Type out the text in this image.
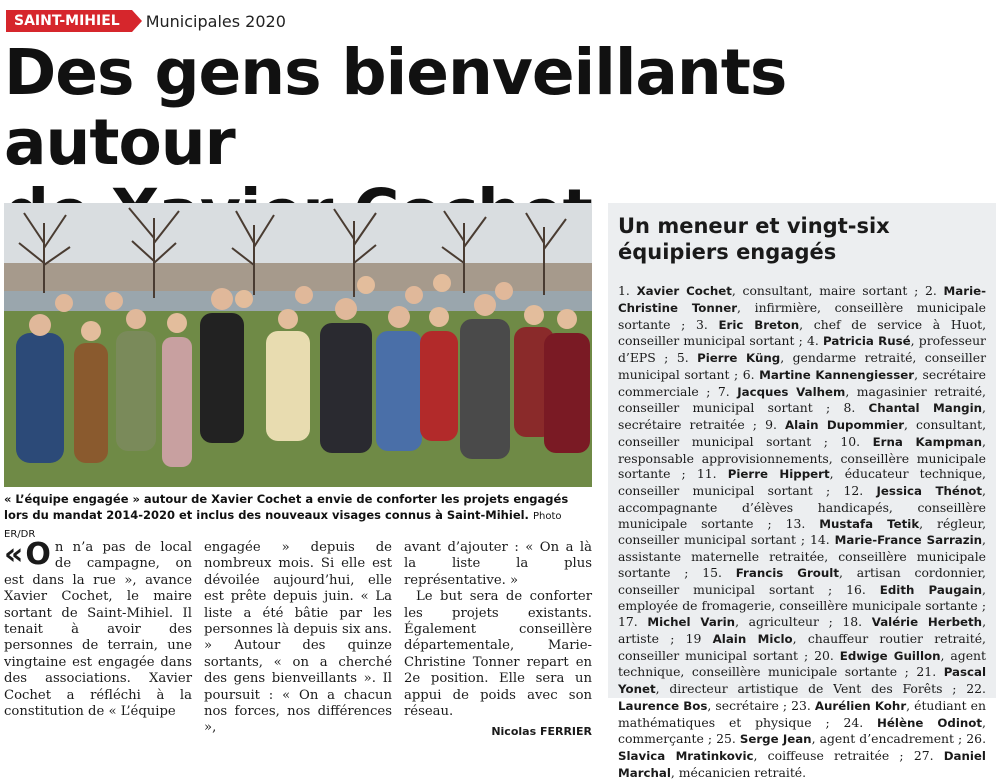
SAINT-MIHIEL	Municipales 2020
Des gens bienveillants autour

« L’équipe engagée » autour de Xavier Cochet a envie de conforter les projets engagés lors du mandat 2014-2020 et inclus des nouveaux visages connus à Saint-Mihiel. Photo ER/DR

« O n n’a pas de local de campagne, on est dans la rue », avance Xavier Cochet, le maire sortant de Saint-Mihiel. Il tenait à avoir des personnes de terrain, une vingtaine est engagée dans des associations. Xavier Cochet a réfléchi à la constitution de « L’équipe
engagée » depuis de nombreux mois. Si elle est dévoilée aujourd’hui, elle est prête depuis juin. « La liste a été bâtie par les personnes là depuis six ans. » Autour des quinze sortants, « on a cherché des gens bienveillants ». Il poursuit : « On a chacun nos forces, nos différences »,

avant d’ajouter : « On a là la liste la plus représentative. »

Le but sera de conforter les projets existants. Également conseillère départementale, Marie-Christine Tonner repart en 2e position. Elle sera un appui de poids avec son réseau.

Nicolas FERRIER

Un meneur et vingt-six
équipiers engagés

1. Xavier Cochet, consultant, maire sortant ; 2. Marie-Christine Tonner, infirmière, conseillère municipale sortante ; 3. Eric Breton, chef de service à Huot, conseiller municipal sortant ; 4. Patricia Rusé, professeur d’EPS ; 5. Pierre Küng, gendarme retraité, conseiller municipal sortant ; 6. Martine Kannengiesser, secrétaire commerciale ; 7. Jacques Valhem, magasinier retraité, conseiller municipal sortant ; 8. Chantal Mangin, secrétaire retraitée ; 9. Alain Dupommier, consultant, conseiller municipal sortant ; 10. Erna Kampman, responsable approvisionnements, conseillère municipale sortante ; 11. Pierre Hippert, éducateur technique, conseiller municipal sortant ; 12. Jessica Thénot, accompagnante d’élèves handicapés, conseillère municipale sortante ; 13. Mustafa Tetik, régleur, conseiller municipal sortant ; 14. Marie-France Sarrazin, assistante maternelle retraitée, conseillère municipale sortante ; 15. Francis Groult, artisan cordonnier, conseiller municipal sortant ; 16. Edith Paugain, employée de fromagerie, conseillère municipale sortante ; 17. Michel Varin, agriculteur ; 18. Valérie Herbeth, artiste ; 19 Alain Miclo, chauffeur routier retraité, conseiller municipal sortant ; 20. Edwige Guillon, agent technique, conseillère municipale sortante ; 21. Pascal Yonet, directeur artistique de Vent des Forêts ; 22. Laurence Bos, secrétaire ; 23. Aurélien Kohr, étudiant en mathématiques et physique ; 24. Hélène Odinot, commerçante ; 25. Serge Jean, agent d’encadrement ; 26. Slavica Mratinkovic, coiffeuse retraitée ; 27. Daniel Marchal, mécanicien retraité.
